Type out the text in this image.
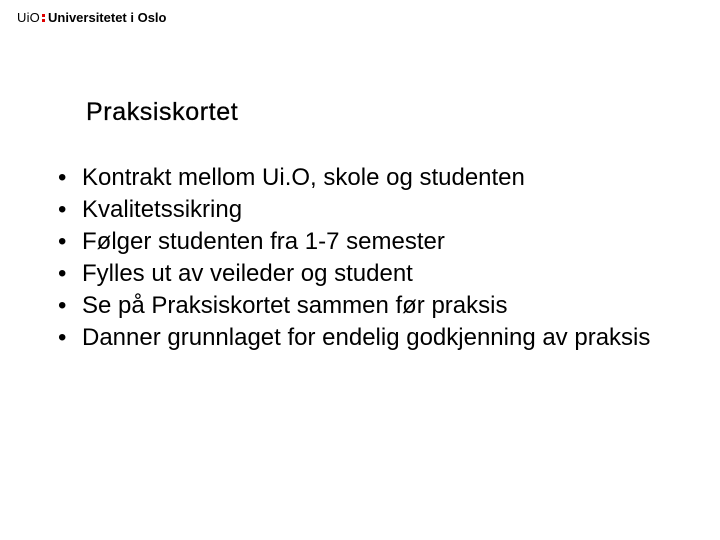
UiO Universitetet i Oslo
Praksiskortet
• Kontrakt mellom Ui.O, skole og studenten
• Kvalitetssikring
• Følger studenten fra 1-7 semester
• Fylles ut av veileder og student
• Se på Praksiskortet sammen før praksis
• Danner grunnlaget for endelig godkjenning av praksis
